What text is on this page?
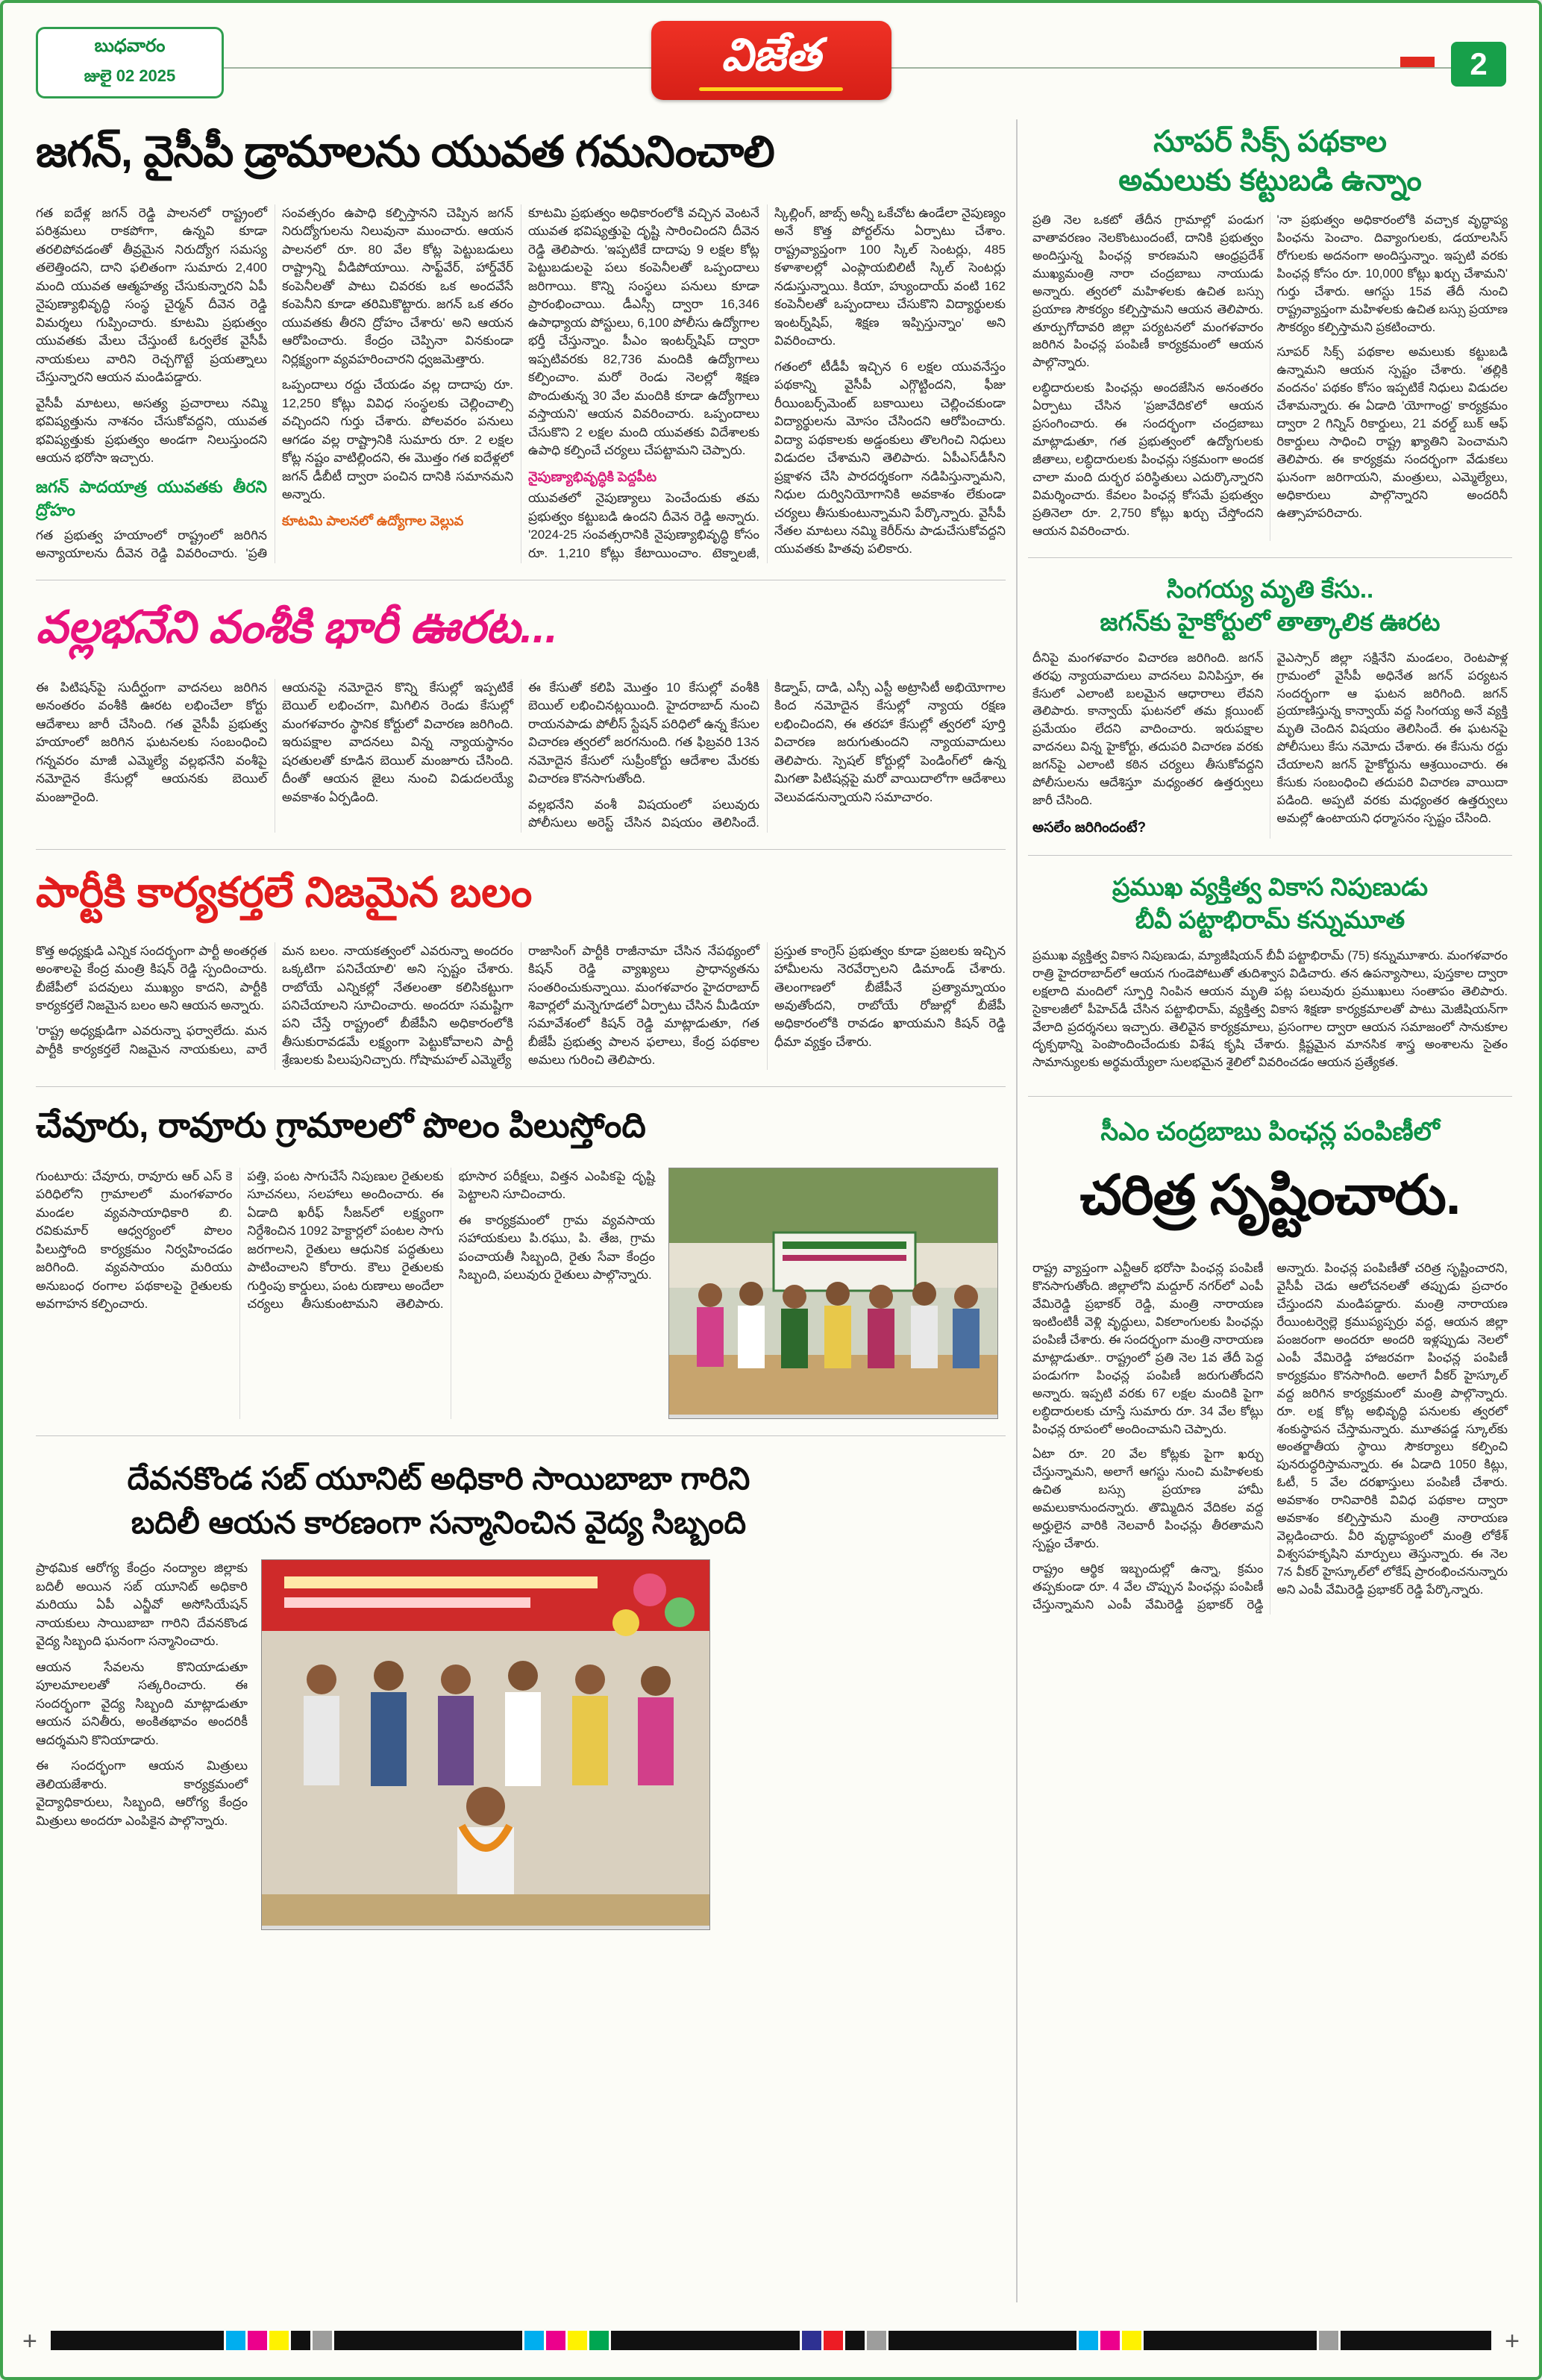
బుధవారం
జులై 02 2025	విజేత	2
జగన్, వైసీపీ డ్రామాలను యువత గమనించాలి

గత ఐదేళ్ల జగన్ రెడ్డి పాలనలో రాష్ట్రంలో పరిశ్రమలు రాకపోగా, ఉన్నవి కూడా తరలిపోవడంతో తీవ్రమైన నిరుద్యోగ సమస్య తలెత్తిందని, దాని ఫలితంగా సుమారు 2,400 మంది యువత ఆత్మహత్య చేసుకున్నారని ఏపీ నైపుణ్యాభివృద్ధి సంస్థ చైర్మన్ దీవెన రెడ్డి విమర్శలు గుప్పించారు. కూటమి ప్రభుత్వం యువతకు మేలు చేస్తుంటే ఓర్వలేక వైసీపీ నాయకులు వారిని రెచ్చగొట్టే ప్రయత్నాలు చేస్తున్నారని ఆయన మండిపడ్డారు.

వైసీపీ మాటలు, అసత్య ప్రచారాలు నమ్మి భవిష్యత్తును నాశనం చేసుకోవద్దని, యువత భవిష్యత్తుకు ప్రభుత్వం అండగా నిలుస్తుందని ఆయన భరోసా ఇచ్చారు.

జగన్ పాదయాత్ర యువతకు తీరని ద్రోహం

గత ప్రభుత్వ హయాంలో రాష్ట్రంలో జరిగిన అన్యాయాలను దీవెన రెడ్డి వివరించారు. 'ప్రతి సంవత్సరం ఉపాధి కల్పిస్తానని చెప్పిన జగన్ నిరుద్యోగులను నిలువునా ముంచారు. ఆయన పాలనలో రూ. 80 వేల కోట్ల పెట్టుబడులు రాష్ట్రాన్ని వీడిపోయాయి. సాఫ్ట్‌వేర్, హార్డ్‌వేర్ కంపెనీలతో పాటు చివరకు ఒక అందవేసే కంపెనీని కూడా తరిమికొట్టారు. జగన్ ఒక తరం యువతకు తీరని ద్రోహం చేశారు' అని ఆయన ఆరోపించారు. కేంద్రం చెప్పినా వినకుండా నిర్లక్ష్యంగా వ్యవహరించారని ధ్వజమెత్తారు.

ఒప్పందాలు రద్దు చేయడం వల్ల దాదాపు రూ. 12,250 కోట్లు వివిధ సంస్థలకు చెల్లించాల్సి వచ్చిందని గుర్తు చేశారు. పోలవరం పనులు ఆగడం వల్ల రాష్ట్రానికి సుమారు రూ. 2 లక్షల కోట్ల నష్టం వాటిల్లిందని, ఈ మొత్తం గత ఐదేళ్లలో జగన్ డీబీటీ ద్వారా పంచిన దానికి సమానమని అన్నారు.

కూటమి పాలనలో ఉద్యోగాల వెల్లువ

కూటమి ప్రభుత్వం అధికారంలోకి వచ్చిన వెంటనే యువత భవిష్యత్తుపై దృష్టి సారించిందని దీవెన రెడ్డి తెలిపారు. 'ఇప్పటికే దాదాపు 9 లక్షల కోట్ల పెట్టుబడులపై పలు కంపెనీలతో ఒప్పందాలు జరిగాయి. కొన్ని సంస్థలు పనులు కూడా ప్రారంభించాయి. డీఎస్సీ ద్వారా 16,346 ఉపాధ్యాయ పోస్టులు, 6,100 పోలీసు ఉద్యోగాల భర్తీ చేస్తున్నాం. పీఎం ఇంటర్న్‌షిప్ ద్వారా ఇప్పటివరకు 82,736 మందికి ఉద్యోగాలు కల్పించాం. మరో రెండు నెలల్లో శిక్షణ పొందుతున్న 30 వేల మందికి కూడా ఉద్యోగాలు వస్తాయని' ఆయన వివరించారు. ఒప్పందాలు చేసుకొని 2 లక్షల మంది యువతకు విదేశాలకు ఉపాధి కల్పించే చర్యలు చేపట్టామని చెప్పారు.

నైపుణ్యాభివృద్ధికి పెద్దపీట

యువతలో నైపుణ్యాలు పెంచేందుకు తమ ప్రభుత్వం కట్టుబడి ఉందని దీవెన రెడ్డి అన్నారు. '2024-25 సంవత్సరానికి నైపుణ్యాభివృద్ధి కోసం రూ. 1,210 కోట్లు కేటాయించాం. టెక్నాలజీ, స్కిల్లింగ్, జాబ్స్ అన్నీ ఒకేచోట ఉండేలా నైపుణ్యం అనే కొత్త పోర్టల్‌ను ఏర్పాటు చేశాం. రాష్ట్రవ్యాప్తంగా 100 స్కిల్ సెంటర్లు, 485 కళాశాలల్లో ఎంప్లాయబిలిటీ స్కిల్ సెంటర్లు నడుస్తున్నాయి. కియా, హ్యుందాయ్ వంటి 162 కంపెనీలతో ఒప్పందాలు చేసుకొని విద్యార్థులకు ఇంటర్న్‌షిప్, శిక్షణ ఇప్పిస్తున్నాం' అని వివరించారు.

గతంలో టీడీపీ ఇచ్చిన 6 లక్షల యువనేస్తం పథకాన్ని వైసీపీ ఎగ్గొట్టిందని, ఫీజు రీయింబర్స్‌మెంట్ బకాయిలు చెల్లించకుండా విద్యార్థులను మోసం చేసిందని ఆరోపించారు. విద్యా పథకాలకు అడ్డంకులు తొలగించి నిధులు విడుదల చేశామని తెలిపారు. ఏపీఎస్‌డీసీని ప్రక్షాళన చేసి పారదర్శకంగా నడిపిస్తున్నామని, నిధుల దుర్వినియోగానికి అవకాశం లేకుండా చర్యలు తీసుకుంటున్నామని పేర్కొన్నారు. వైసీపీ నేతల మాటలు నమ్మి కెరీర్‌ను పాడుచేసుకోవద్దని యువతకు హితవు పలికారు.

వల్లభనేని వంశీకి భారీ ఊరట...

ఈ పిటిషన్‌పై సుదీర్ఘంగా వాదనలు జరిగిన అనంతరం వంశీకి ఊరట లభించేలా కోర్టు ఆదేశాలు జారీ చేసింది. గత వైసీపీ ప్రభుత్వ హయాంలో జరిగిన ఘటనలకు సంబంధించి గన్నవరం మాజీ ఎమ్మెల్యే వల్లభనేని వంశీపై నమోదైన కేసుల్లో ఆయనకు బెయిల్ మంజూరైంది.

ఆయనపై నమోదైన కొన్ని కేసుల్లో ఇప్పటికే బెయిల్ లభించగా, మిగిలిన రెండు కేసుల్లో మంగళవారం స్థానిక కోర్టులో విచారణ జరిగింది. ఇరుపక్షాల వాదనలు విన్న న్యాయస్థానం షరతులతో కూడిన బెయిల్ మంజూరు చేసింది. దీంతో ఆయన జైలు నుంచి విడుదలయ్యే అవకాశం ఏర్పడింది.

ఈ కేసుతో కలిపి మొత్తం 10 కేసుల్లో వంశీకి బెయిల్ లభించినట్లయింది. హైదరాబాద్ నుంచి రాయనపాడు పోలీస్ స్టేషన్ పరిధిలో ఉన్న కేసుల విచారణ త్వరలో జరగనుంది. గత ఫిబ్రవరి 13న నమోదైన కేసులో సుప్రీంకోర్టు ఆదేశాల మేరకు విచారణ కొనసాగుతోంది.

వల్లభనేని వంశీ విషయంలో పలువురు పోలీసులు అరెస్ట్ చేసిన విషయం తెలిసిందే. కిడ్నాప్, దాడి, ఎస్సీ ఎస్టీ అట్రాసిటీ అభియోగాల కింద నమోదైన కేసుల్లో న్యాయ రక్షణ లభించిందని, ఈ తరహా కేసుల్లో త్వరలో పూర్తి విచారణ జరుగుతుందని న్యాయవాదులు తెలిపారు. స్పెషల్ కోర్టుల్లో పెండింగ్‌లో ఉన్న మిగతా పిటిషన్లపై మరో వాయిదాలోగా ఆదేశాలు వెలువడనున్నాయని సమాచారం.

పార్టీకి కార్యకర్తలే నిజమైన బలం

కొత్త అధ్యక్షుడి ఎన్నిక సందర్భంగా పార్టీ అంతర్గత అంశాలపై కేంద్ర మంత్రి కిషన్ రెడ్డి స్పందించారు. బీజేపీలో పదవులు ముఖ్యం కాదని, పార్టీకి కార్యకర్తలే నిజమైన బలం అని ఆయన అన్నారు.

'రాష్ట్ర అధ్యక్షుడిగా ఎవరున్నా ఫర్వాలేదు. మన పార్టీకి కార్యకర్తలే నిజమైన నాయకులు, వారే మన బలం. నాయకత్వంలో ఎవరున్నా అందరం ఒక్కటిగా పనిచేయాలి' అని స్పష్టం చేశారు. రాబోయే ఎన్నికల్లో నేతలంతా కలిసికట్టుగా పనిచేయాలని సూచించారు. అందరూ సమష్టిగా పని చేస్తే రాష్ట్రంలో బీజేపీని అధికారంలోకి తీసుకురావడమే లక్ష్యంగా పెట్టుకోవాలని పార్టీ శ్రేణులకు పిలుపునిచ్చారు. గోషామహల్ ఎమ్మెల్యే

రాజాసింగ్ పార్టీకి రాజీనామా చేసిన నేపథ్యంలో కిషన్ రెడ్డి వ్యాఖ్యలు ప్రాధాన్యతను సంతరించుకున్నాయి. మంగళవారం హైదరాబాద్ శివార్లలో మన్నెగూడలో ఏర్పాటు చేసిన మీడియా సమావేశంలో కిషన్ రెడ్డి మాట్లాడుతూ, గత బీజేపీ ప్రభుత్వ పాలన ఫలాలు, కేంద్ర పథకాల అమలు గురించి తెలిపారు.

ప్రస్తుత కాంగ్రెస్ ప్రభుత్వం కూడా ప్రజలకు ఇచ్చిన హామీలను నెరవేర్చాలని డిమాండ్ చేశారు. తెలంగాణలో బీజేపీనే ప్రత్యామ్నాయం అవుతోందని, రాబోయే రోజుల్లో బీజేపీ అధికారంలోకి రావడం ఖాయమని కిషన్ రెడ్డి ధీమా వ్యక్తం చేశారు.

చేవూరు, రావూరు గ్రామాలలో పొలం పిలుస్తోంది

గుంటూరు: చేవూరు, రావూరు ఆర్ ఎస్ కె పరిధిలోని గ్రామాలలో మంగళవారం మండల వ్యవసాయాధికారి బి. రవికుమార్ ఆధ్వర్యంలో పొలం పిలుస్తోంది కార్యక్రమం నిర్వహించడం జరిగింది. వ్యవసాయం మరియు అనుబంధ రంగాల పథకాలపై రైతులకు అవగాహన కల్పించారు.

పత్తి, పంట సాగుచేసే నిపుణుల రైతులకు సూచనలు, సలహాలు అందించారు. ఈ ఏడాది ఖరీఫ్ సీజన్‌లో లక్ష్యంగా నిర్దేశించిన 1092 హెక్టార్లలో పంటల సాగు జరగాలని, రైతులు ఆధునిక పద్ధతులు పాటించాలని కోరారు. కౌలు రైతులకు గుర్తింపు కార్డులు, పంట రుణాలు అందేలా చర్యలు తీసుకుంటామని తెలిపారు. భూసార పరీక్షలు, విత్తన ఎంపికపై దృష్టి పెట్టాలని సూచించారు.

ఈ కార్యక్రమంలో గ్రామ వ్యవసాయ సహాయకులు పి.రఘు, పి. తేజ, గ్రామ పంచాయతీ సిబ్బంది, రైతు సేవా కేంద్రం సిబ్బంది, పలువురు రైతులు పాల్గొన్నారు.

దేవనకొండ సబ్ యూనిట్ అధికారి సాయిబాబా గారిని
బదిలీ ఆయన కారణంగా సన్మానించిన వైద్య సిబ్బంది

ప్రాథమిక ఆరోగ్య కేంద్రం నంద్యాల జిల్లాకు బదిలీ అయిన సబ్ యూనిట్ అధికారి మరియు ఏపీ ఎన్జీవో అసోసియేషన్ నాయకులు సాయిబాబా గారిని దేవనకొండ వైద్య సిబ్బంది ఘనంగా సన్మానించారు.

ఆయన సేవలను కొనియాడుతూ పూలమాలలతో సత్కరించారు. ఈ సందర్భంగా వైద్య సిబ్బంది మాట్లాడుతూ ఆయన పనితీరు, అంకితభావం అందరికీ ఆదర్శమని కొనియాడారు.

ఈ సందర్భంగా ఆయన మిత్రులు తెలియజేశారు. కార్యక్రమంలో వైద్యాధికారులు, సిబ్బంది, ఆరోగ్య కేంద్రం మిత్రులు అందరూ ఎంపికైన పాల్గొన్నారు.

సూపర్ సిక్స్ పథకాల
అమలుకు కట్టుబడి ఉన్నాం

ప్రతి నెల ఒకటో తేదీన గ్రామాల్లో పండుగ వాతావరణం నెలకొంటుందంటే, దానికి ప్రభుత్వం అందిస్తున్న పింఛన్ల కారణమని ఆంధ్రప్రదేశ్ ముఖ్యమంత్రి నారా చంద్రబాబు నాయుడు అన్నారు. త్వరలో మహిళలకు ఉచిత బస్సు ప్రయాణ సౌకర్యం కల్పిస్తామని ఆయన తెలిపారు. తూర్పుగోదావరి జిల్లా పర్యటనలో మంగళవారం జరిగిన పింఛన్ల పంపిణీ కార్యక్రమంలో ఆయన పాల్గొన్నారు.

లబ్ధిదారులకు పింఛన్లు అందజేసిన అనంతరం ఏర్పాటు చేసిన 'ప్రజావేదిక'లో ఆయన ప్రసంగించారు. ఈ సందర్భంగా చంద్రబాబు మాట్లాడుతూ, గత ప్రభుత్వంలో ఉద్యోగులకు జీతాలు, లబ్ధిదారులకు పింఛన్లు సక్రమంగా అందక చాలా మంది దుర్భర పరిస్థితులు ఎదుర్కొన్నారని విమర్శించారు. కేవలం పింఛన్ల కోసమే ప్రభుత్వం ప్రతినెలా రూ. 2,750 కోట్లు ఖర్చు చేస్తోందని ఆయన వివరించారు.

'నా ప్రభుత్వం అధికారంలోకి వచ్చాక వృద్ధాప్య పింఛను పెంచాం. దివ్యాంగులకు, డయాలసిస్ రోగులకు అదనంగా అందిస్తున్నాం. ఇప్పటి వరకు పింఛన్ల కోసం రూ. 10,000 కోట్లు ఖర్చు చేశామని' గుర్తు చేశారు. ఆగస్టు 15వ తేదీ నుంచి రాష్ట్రవ్యాప్తంగా మహిళలకు ఉచిత బస్సు ప్రయాణ సౌకర్యం కల్పిస్తామని ప్రకటించారు.

సూపర్ సిక్స్ పథకాల అమలుకు కట్టుబడి ఉన్నామని ఆయన స్పష్టం చేశారు. 'తల్లికి వందనం' పథకం కోసం ఇప్పటికే నిధులు విడుదల చేశామన్నారు. ఈ ఏడాది 'యోగాంధ్ర' కార్యక్రమం ద్వారా 2 గిన్నిస్ రికార్డులు, 21 వరల్డ్ బుక్ ఆఫ్ రికార్డులు సాధించి రాష్ట్ర ఖ్యాతిని పెంచామని తెలిపారు. ఈ కార్యక్రమ సందర్భంగా వేడుకలు ఘనంగా జరిగాయని, మంత్రులు, ఎమ్మెల్యేలు, అధికారులు పాల్గొన్నారని అందరినీ ఉత్సాహపరిచారు.

సింగయ్య మృతి కేసు..
జగన్‌కు హైకోర్టులో తాత్కాలిక ఊరట

దీనిపై మంగళవారం విచారణ జరిగింది. జగన్ తరఫు న్యాయవాదులు వాదనలు వినిపిస్తూ, ఈ కేసులో ఎలాంటి బలమైన ఆధారాలు లేవని తెలిపారు. కాన్వాయ్ ఘటనలో తమ క్లయింట్ ప్రమేయం లేదని వాదించారు. ఇరుపక్షాల వాదనలు విన్న హైకోర్టు, తదుపరి విచారణ వరకు జగన్‌పై ఎలాంటి కఠిన చర్యలు తీసుకోవద్దని పోలీసులను ఆదేశిస్తూ మధ్యంతర ఉత్తర్వులు జారీ చేసింది.

అసలేం జరిగిందంటే?

వైఎస్సార్ జిల్లా సక్షినేని మండలం, రెంటపాళ్ల గ్రామంలో వైసీపీ అధినేత జగన్ పర్యటన సందర్భంగా ఆ ఘటన జరిగింది. జగన్ ప్రయాణిస్తున్న కాన్వాయ్ వద్ద సింగయ్య అనే వ్యక్తి మృతి చెందిన విషయం తెలిసిందే. ఈ ఘటనపై పోలీసులు కేసు నమోదు చేశారు. ఈ కేసును రద్దు చేయాలని జగన్ హైకోర్టును ఆశ్రయించారు. ఈ కేసుకు సంబంధించి తదుపరి విచారణ వాయిదా పడింది. అప్పటి వరకు మధ్యంతర ఉత్తర్వులు అమల్లో ఉంటాయని ధర్మాసనం స్పష్టం చేసింది.

ప్రముఖ వ్యక్తిత్వ వికాస నిపుణుడు
బీవీ పట్టాభిరామ్ కన్నుమూత

ప్రముఖ వ్యక్తిత్వ వికాస నిపుణుడు, మ్యాజీషియన్ బీవీ పట్టాభిరామ్ (75) కన్నుమూశారు. మంగళవారం రాత్రి హైదరాబాద్‌లో ఆయన గుండెపోటుతో తుదిశ్వాస విడిచారు. తన ఉపన్యాసాలు, పుస్తకాల ద్వారా లక్షలాది మందిలో స్ఫూర్తి నింపిన ఆయన మృతి పట్ల పలువురు ప్రముఖులు సంతాపం తెలిపారు. సైకాలజీలో పీహెచ్‌డీ చేసిన పట్టాభిరామ్, వ్యక్తిత్వ వికాస శిక్షణా కార్యక్రమాలతో పాటు మెజీషియన్‌గా వేలాది ప్రదర్శనలు ఇచ్చారు. తెలివైన కార్యక్రమాలు, ప్రసంగాల ద్వారా ఆయన సమాజంలో సానుకూల దృక్పథాన్ని పెంపొందించేందుకు విశేష కృషి చేశారు. క్లిష్టమైన మానసిక శాస్త్ర అంశాలను సైతం సామాన్యులకు అర్థమయ్యేలా సులభమైన శైలిలో వివరించడం ఆయన ప్రత్యేకత.

సీఎం చంద్రబాబు పింఛన్ల పంపిణీలో
చరిత్ర సృష్టించారు.

రాష్ట్ర వ్యాప్తంగా ఎన్టీఆర్ భరోసా పింఛన్ల పంపిణీ కొనసాగుతోంది. జిల్లాలోని మద్దూర్ నగర్‌లో ఎంపీ వేమిరెడ్డి ప్రభాకర్ రెడ్డి, మంత్రి నారాయణ ఇంటింటికీ వెళ్లి వృద్ధులు, వికలాంగులకు పింఛన్లు పంపిణీ చేశారు. ఈ సందర్భంగా మంత్రి నారాయణ మాట్లాడుతూ.. రాష్ట్రంలో ప్రతి నెల 1వ తేదీ పెద్ద పండుగగా పింఛన్ల పంపిణీ జరుగుతోందని అన్నారు. ఇప్పటి వరకు 67 లక్షల మందికి పైగా లబ్ధిదారులకు చూస్తే సుమారు రూ. 34 వేల కోట్లు పింఛన్ల రూపంలో అందించామని చెప్పారు.

ఏటా రూ. 20 వేల కోట్లకు పైగా ఖర్చు చేస్తున్నామని, అలాగే ఆగస్టు నుంచి మహిళలకు ఉచిత బస్సు ప్రయాణ హామీ అమలుకానుందన్నారు. తొమ్మిదిన వేదికల వద్ద అర్హులైన వారికి నెలవారీ పింఛన్లు తీరతామని స్పష్టం చేశారు.

రాష్ట్రం ఆర్థిక ఇబ్బందుల్లో ఉన్నా, క్రమం తప్పకుండా రూ. 4 వేల చొప్పున పింఛన్లు పంపిణీ చేస్తున్నామని ఎంపీ వేమిరెడ్డి ప్రభాకర్ రెడ్డి అన్నారు. పింఛన్ల పంపిణీతో చరిత్ర సృష్టించారని, వైసీపీ చెడు ఆలోచనలతో తప్పుడు ప్రచారం చేస్తుందని మండిపడ్డారు. మంత్రి నారాయణ రేయింటర్వెల్లె క్రముప్యప్పర్రు వద్ద, ఆయన జిల్లా పంజరంగా అందరూ అందరి ఇళ్లప్పుడు నెలలో ఎంపీ వేమిరెడ్డి హాజరవగా పింఛన్ల పంపిణీ కార్యక్రమం కొనసాగింది. అలాగే వీకర్ హైస్కూల్ వద్ద జరిగిన కార్యక్రమంలో మంత్రి పాల్గొన్నారు. రూ. లక్ష కోట్ల అభివృద్ధి పనులకు త్వరలో శంకుస్థాపన చేస్తామన్నారు. మూతపడ్డ స్కూల్‌కు అంతర్జాతీయ స్థాయి సౌకర్యాలు కల్పించి పునరుద్ధరిస్తామన్నారు. ఈ ఏడాది 1050 కిట్లు, ఓటీ, 5 వేల దరఖాస్తులు పంపిణీ చేశారు. అవకాశం రానివారికి వివిధ పథకాల ద్వారా అవకాశం కల్పిస్తామని మంత్రి నారాయణ వెల్లడించారు. వీరి వృద్ధాప్యంలో మంత్రి లోకేశ్ విశ్వసహకృషిని మార్పులు తెస్తున్నారు. ఈ నెల 7న వీకర్ హైస్కూల్‌లో లోకేష్ ప్రారంభించనున్నారు అని ఎంపీ వేమిరెడ్డి ప్రభాకర్ రెడ్డి పేర్కొన్నారు.

+	+
